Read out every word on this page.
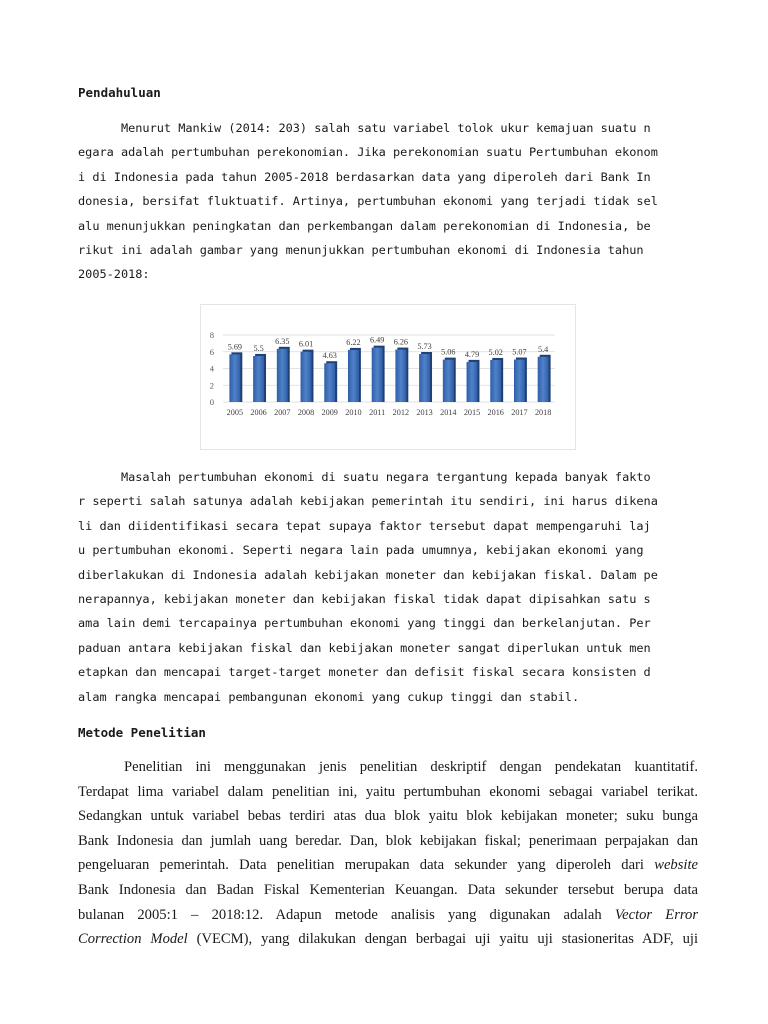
Pendahuluan
Menurut Mankiw (2014: 203) salah satu variabel tolok ukur kemajuan suatu n
egara adalah pertumbuhan perekonomian. Jika perekonomian suatu Pertumbuhan ekonom
i di Indonesia pada tahun 2005-2018 berdasarkan data yang diperoleh dari Bank In
donesia, bersifat fluktuatif. Artinya, pertumbuhan ekonomi yang terjadi tidak sel
alu menunjukkan peningkatan dan perkembangan dalam perekonomian di Indonesia, be
rikut ini adalah gambar yang menunjukkan pertumbuhan ekonomi di Indonesia tahun
2005-2018:
0
2
4
6
8
5.69
2005
5.5
2006
6.35
2007
6.01
2008
4.63
2009
6.22
2010
6.49
2011
6.26
2012
5.73
2013
5.06
2014
4.79
2015
5.02
2016
5.07
2017
5.4
2018
Masalah pertumbuhan ekonomi di suatu negara tergantung kepada banyak fakto
r seperti salah satunya adalah kebijakan pemerintah itu sendiri, ini harus dikena
li dan diidentifikasi secara tepat supaya faktor tersebut dapat mempengaruhi laj
u pertumbuhan ekonomi. Seperti negara lain pada umumnya, kebijakan ekonomi yang
diberlakukan di Indonesia adalah kebijakan moneter dan kebijakan fiskal. Dalam pe
nerapannya, kebijakan moneter dan kebijakan fiskal tidak dapat dipisahkan satu s
ama lain demi tercapainya pertumbuhan ekonomi yang tinggi dan berkelanjutan. Per
paduan antara kebijakan fiskal dan kebijakan moneter sangat diperlukan untuk men
etapkan dan mencapai target-target moneter dan defisit fiskal secara konsisten d
alam rangka mencapai pembangunan ekonomi yang cukup tinggi dan stabil.
Metode Penelitian
Penelitian ini menggunakan jenis penelitian deskriptif dengan pendekatan kuantitatif.
Terdapat lima variabel dalam penelitian ini, yaitu pertumbuhan ekonomi sebagai variabel terikat.
Sedangkan untuk variabel bebas terdiri atas dua blok yaitu blok kebijakan moneter; suku bunga
Bank Indonesia dan jumlah uang beredar. Dan, blok kebijakan fiskal; penerimaan perpajakan dan
pengeluaran pemerintah. Data penelitian merupakan data sekunder yang diperoleh dari website
Bank Indonesia dan Badan Fiskal Kementerian Keuangan. Data sekunder tersebut berupa data
bulanan 2005:1 – 2018:12. Adapun metode analisis yang digunakan adalah Vector Error
Correction Model (VECM), yang dilakukan dengan berbagai uji yaitu uji stasioneritas ADF, uji
